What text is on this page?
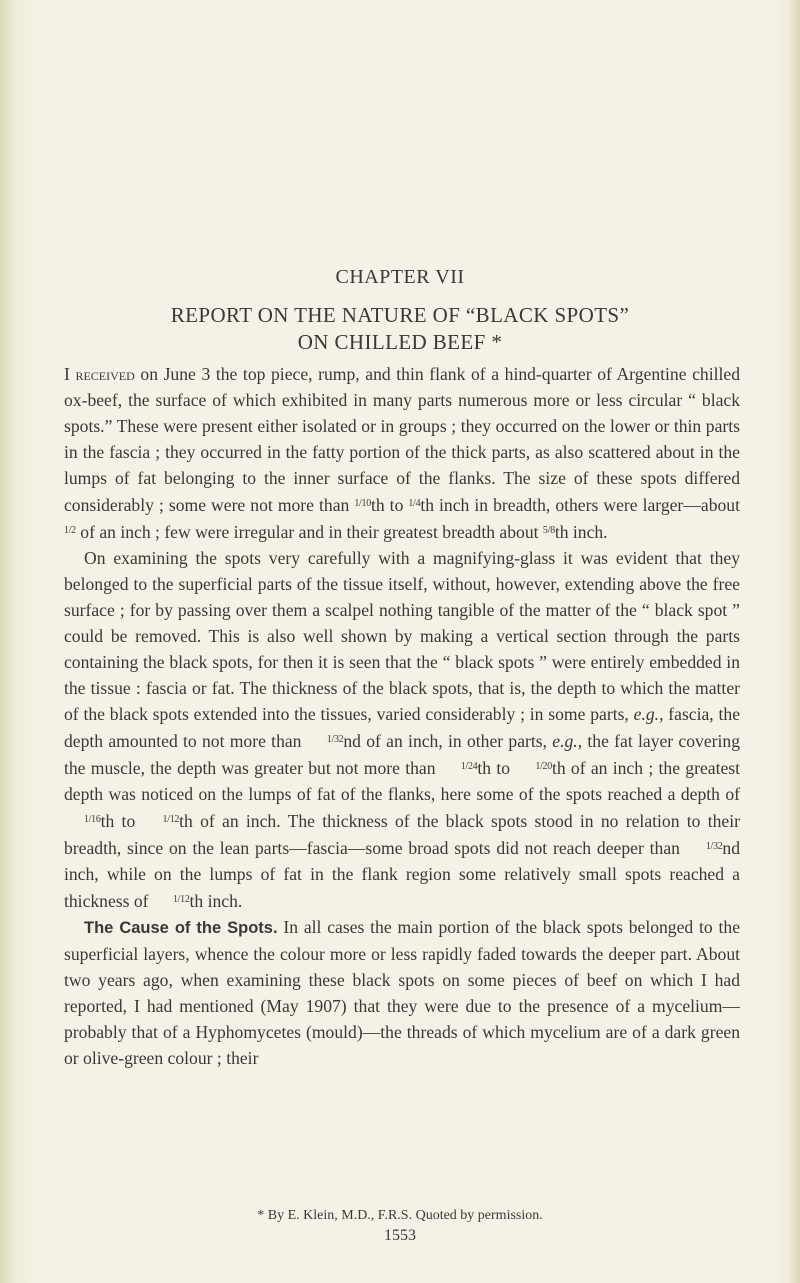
CHAPTER VII
REPORT ON THE NATURE OF “BLACK SPOTS”
ON CHILLED BEEF *

I received on June 3 the top piece, rump, and thin flank of a hind-quarter of Argentine chilled ox-beef, the surface of which exhibited in many parts numerous more or less circular “ black spots.” These were present either isolated or in groups ; they occurred on the lower or thin parts in the fascia ; they occurred in the fatty portion of the thick parts, as also scattered about in the lumps of fat belonging to the inner surface of the flanks. The size of these spots differed considerably ; some were not more than 1/10th to 1/4th inch in breadth, others were larger—about 1/2 of an inch ; few were irregular and in their greatest breadth about 5/8th inch.

On examining the spots very carefully with a magnifying-glass it was evident that they belonged to the superficial parts of the tissue itself, without, however, extending above the free surface ; for by passing over them a scalpel nothing tangible of the matter of the “ black spot ” could be removed. This is also well shown by making a vertical section through the parts containing the black spots, for then it is seen that the “ black spots ” were entirely embedded in the tissue : fascia or fat. The thickness of the black spots, that is, the depth to which the matter of the black spots extended into the tissues, varied considerably ; in some parts, e.g., fascia, the depth amounted to not more than 1/32nd of an inch, in other parts, e.g., the fat layer covering the muscle, the depth was greater but not more than 1/24th to 1/20th of an inch ; the greatest depth was noticed on the lumps of fat of the flanks, here some of the spots reached a depth of 1/16th to 1/12th of an inch. The thickness of the black spots stood in no relation to their breadth, since on the lean parts—fascia—some broad spots did not reach deeper than 1/32nd inch, while on the lumps of fat in the flank region some relatively small spots reached a thickness of 1/12th inch.

The Cause of the Spots. In all cases the main portion of the black spots belonged to the superficial layers, whence the colour more or less rapidly faded towards the deeper part. About two years ago, when examining these black spots on some pieces of beef on which I had reported, I had mentioned (May 1907) that they were due to the presence of a mycelium—probably that of a Hyphomycetes (mould)—the threads of which mycelium are of a dark green or olive-green colour ; their

* By E. Klein, M.D., F.R.S. Quoted by permission.
1553
